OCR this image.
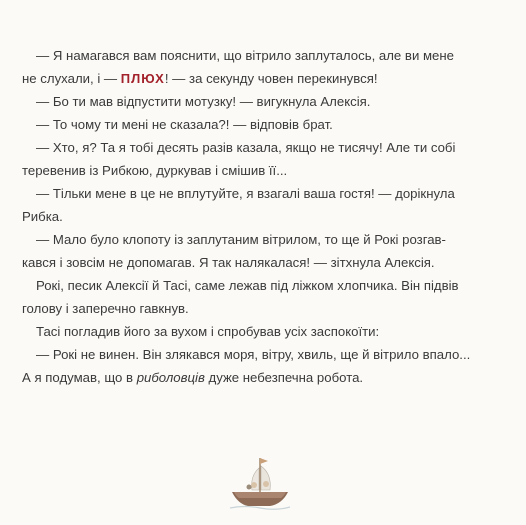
— Я намагався вам пояснити, що вітрило заплуталось, але ви мене
не слухали, і — ПЛЮХ! — за секунду човен перекинувся!
— Бо ти мав відпустити мотузку! — вигукнула Алексія.
— То чому ти мені не сказала?! — відповів брат.
— Хто, я? Та я тобі десять разів казала, якщо не тисячу! Але ти собі
теревенив із Рибкою, дуркував і смішив її...
— Тільки мене в це не вплутуйте, я взагалі ваша гостя! — дорікнула
Рибка.
— Мало було клопоту із заплутаним вітрилом, то ще й Рокі розгав-
кався і зовсім не допомагав. Я так налякалася! — зітхнула Алексія.
Рокі, песик Алексії й Тасі, саме лежав під ліжком хлопчика. Він підвів
голову і заперечно гавкнув.
Тасі погладив його за вухом і спробував усіх заспокоїти:
— Рокі не винен. Він злякався моря, вітру, хвиль, ще й вітрило впало...
А я подумав, що в риболовців дуже небезпечна робота.
